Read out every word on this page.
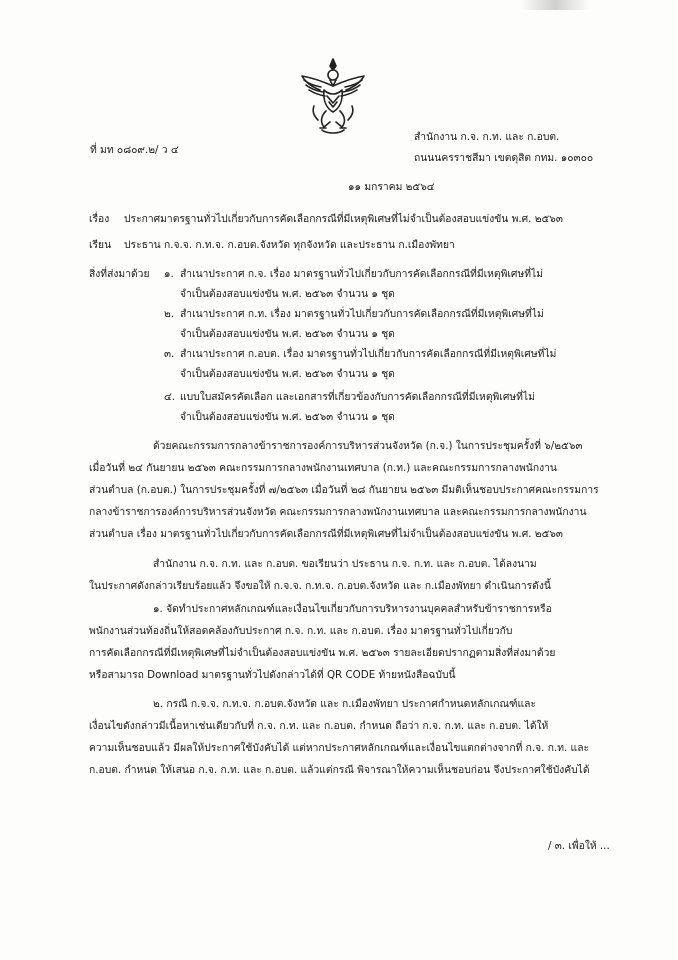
ที่ มท ๐๘๐๙.๒/ ว ๔
สำนักงาน ก.จ. ก.ท. และ ก.อบต.
ถนนนครราชสีมา เขตดุสิต กทม. ๑๐๓๐๐
๑๑ มกราคม ๒๕๖๔
เรื่อง ประกาศมาตรฐานทั่วไปเกี่ยวกับการคัดเลือกกรณีที่มีเหตุพิเศษที่ไม่จำเป็นต้องสอบแข่งขัน พ.ศ. ๒๕๖๓
เรียน ประธาน ก.จ.จ. ก.ท.จ. ก.อบต.จังหวัด ทุกจังหวัด และประธาน ก.เมืองพัทยา
สิ่งที่ส่งมาด้วย ๑. สำเนาประกาศ ก.จ. เรื่อง มาตรฐานทั่วไปเกี่ยวกับการคัดเลือกกรณีที่มีเหตุพิเศษที่ไม่
จำเป็นต้องสอบแข่งขัน พ.ศ. ๒๕๖๓ จำนวน ๑ ชุด
๒. สำเนาประกาศ ก.ท. เรื่อง มาตรฐานทั่วไปเกี่ยวกับการคัดเลือกกรณีที่มีเหตุพิเศษที่ไม่
จำเป็นต้องสอบแข่งขัน พ.ศ. ๒๕๖๓ จำนวน ๑ ชุด
๓. สำเนาประกาศ ก.อบต. เรื่อง มาตรฐานทั่วไปเกี่ยวกับการคัดเลือกกรณีที่มีเหตุพิเศษที่ไม่
จำเป็นต้องสอบแข่งขัน พ.ศ. ๒๕๖๓ จำนวน ๑ ชุด
๔. แบบใบสมัครคัดเลือก และเอกสารที่เกี่ยวข้องกับการคัดเลือกกรณีที่มีเหตุพิเศษที่ไม่
จำเป็นต้องสอบแข่งขัน พ.ศ. ๒๕๖๓ จำนวน ๑ ชุด
ด้วยคณะกรรมการกลางข้าราชการองค์การบริหารส่วนจังหวัด (ก.จ.) ในการประชุมครั้งที่ ๖/๒๕๖๓
เมื่อวันที่ ๒๔ กันยายน ๒๕๖๓ คณะกรรมการกลางพนักงานเทศบาล (ก.ท.) และคณะกรรมการกลางพนักงาน
ส่วนตำบล (ก.อบต.) ในการประชุมครั้งที่ ๗/๒๕๖๓ เมื่อวันที่ ๒๘ กันยายน ๒๕๖๓ มีมติเห็นชอบประกาศคณะกรรมการ
กลางข้าราชการองค์การบริหารส่วนจังหวัด คณะกรรมการกลางพนักงานเทศบาล และคณะกรรมการกลางพนักงาน
ส่วนตำบล เรื่อง มาตรฐานทั่วไปเกี่ยวกับการคัดเลือกกรณีที่มีเหตุพิเศษที่ไม่จำเป็นต้องสอบแข่งขัน พ.ศ. ๒๕๖๓
สำนักงาน ก.จ. ก.ท. และ ก.อบต. ขอเรียนว่า ประธาน ก.จ. ก.ท. และ ก.อบต. ได้ลงนาม
ในประกาศดังกล่าวเรียบร้อยแล้ว จึงขอให้ ก.จ.จ. ก.ท.จ. ก.อบต.จังหวัด และ ก.เมืองพัทยา ดำเนินการดังนี้
๑. จัดทำประกาศหลักเกณฑ์และเงื่อนไขเกี่ยวกับการบริหารงานบุคคลสำหรับข้าราชการหรือ
พนักงานส่วนท้องถิ่นให้สอดคล้องกับประกาศ ก.จ. ก.ท. และ ก.อบต. เรื่อง มาตรฐานทั่วไปเกี่ยวกับ
การคัดเลือกกรณีที่มีเหตุพิเศษที่ไม่จำเป็นต้องสอบแข่งขัน พ.ศ. ๒๕๖๓ รายละเอียดปรากฏตามสิ่งที่ส่งมาด้วย
หรือสามารถ Download มาตรฐานทั่วไปดังกล่าวได้ที่ QR CODE ท้ายหนังสือฉบับนี้
๒. กรณี ก.จ.จ. ก.ท.จ. ก.อบต.จังหวัด และ ก.เมืองพัทยา ประกาศกำหนดหลักเกณฑ์และ
เงื่อนไขดังกล่าวมีเนื้อหาเช่นเดียวกับที่ ก.จ. ก.ท. และ ก.อบต. กำหนด ถือว่า ก.จ. ก.ท. และ ก.อบต. ได้ให้
ความเห็นชอบแล้ว มีผลให้ประกาศใช้บังคับได้ แต่หากประกาศหลักเกณฑ์และเงื่อนไขแตกต่างจากที่ ก.จ. ก.ท. และ
ก.อบต. กำหนด ให้เสนอ ก.จ. ก.ท. และ ก.อบต. แล้วแต่กรณี พิจารณาให้ความเห็นชอบก่อน จึงประกาศใช้บังคับได้
/ ๓. เพื่อให้ ...
